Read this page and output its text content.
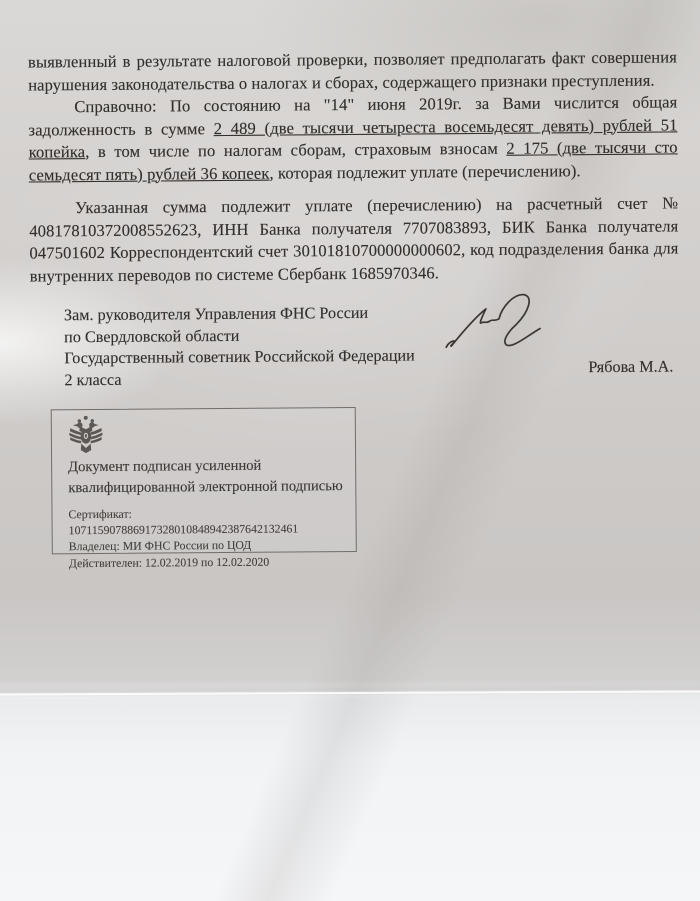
выявленный в результате налоговой проверки, позволяет предполагать факт совершения нарушения законодательства о налогах и сборах, содержащего признаки преступления.

Справочно: По состоянию на "14" июня 2019г. за Вами числится общая задолженность в сумме 2 489 (две тысячи четыреста восемьдесят девять) рублей 51 копейка, в том числе по налогам сборам, страховым взносам 2 175 (две тысячи сто семьдесят пять) рублей 36 копеек, которая подлежит уплате (перечислению).

Указанная сумма подлежит уплате (перечислению) на расчетный счет № 40817810372008552623, ИНН Банка получателя 7707083893, БИК Банка получателя 047501602 Корреспондентский счет 30101810700000000602, код подразделения банка для внутренних переводов по системе Сбербанк 1685970346.

Зам. руководителя Управления ФНС России
по Свердловской области
Государственный советник Российской Федерации
2 класса
Рябова М.А.
Документ подписан усиленной
квалифицированной электронной подписью
Сертификат: 107115907886917328010848942387642132461
Владелец: МИ ФНС России по ЦОД
Действителен: 12.02.2019 по 12.02.2020
